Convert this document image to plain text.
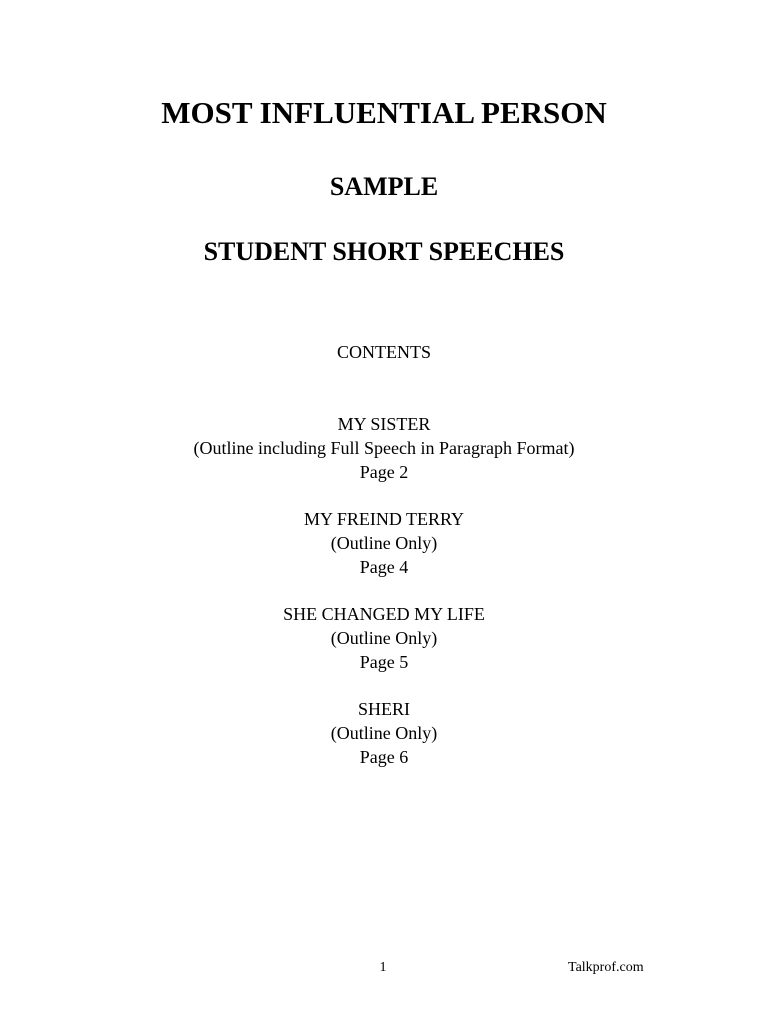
MOST INFLUENTIAL PERSON
SAMPLE
STUDENT SHORT SPEECHES
CONTENTS
MY SISTER
(Outline including Full Speech in Paragraph Format)
Page 2
MY FREIND TERRY
(Outline Only)
Page 4
SHE CHANGED MY LIFE
(Outline Only)
Page 5
SHERI
(Outline Only)
Page 6
1	Talkprof.com
